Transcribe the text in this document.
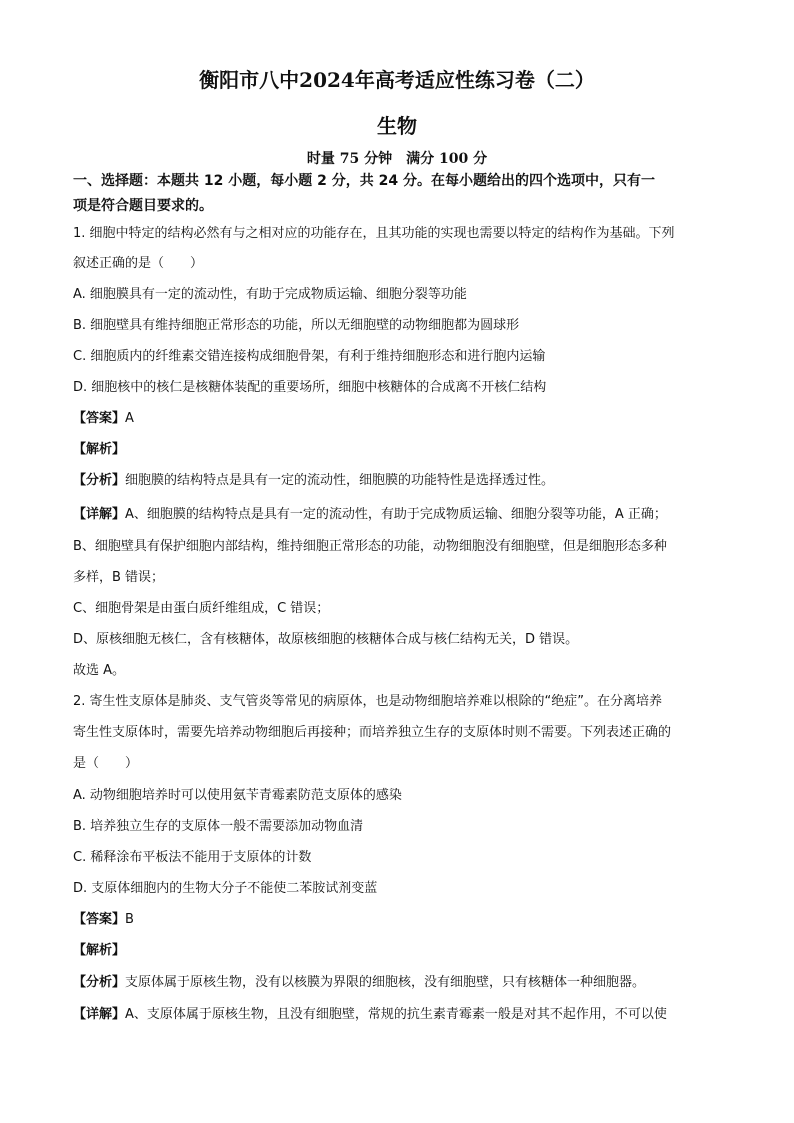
衡阳市八中2024年高考适应性练习卷（二）
生物
时量 75 分钟　满分 100 分
一、选择题：本题共 12 小题，每小题 2 分，共 24 分。在每小题给出的四个选项中，只有一
项是符合题目要求的。
1. 细胞中特定的结构必然有与之相对应的功能存在，且其功能的实现也需要以特定的结构作为基础。下列
叙述正确的是（　　）
A. 细胞膜具有一定的流动性，有助于完成物质运输、细胞分裂等功能
B. 细胞壁具有维持细胞正常形态的功能，所以无细胞壁的动物细胞都为圆球形
C. 细胞质内的纤维素交错连接构成细胞骨架，有利于维持细胞形态和进行胞内运输
D. 细胞核中的核仁是核糖体装配的重要场所，细胞中核糖体的合成离不开核仁结构
【答案】A
【解析】
【分析】细胞膜的结构特点是具有一定的流动性，细胞膜的功能特性是选择透过性。
【详解】A、细胞膜的结构特点是具有一定的流动性，有助于完成物质运输、细胞分裂等功能，A 正确；
B、细胞壁具有保护细胞内部结构，维持细胞正常形态的功能，动物细胞没有细胞壁，但是细胞形态多种
多样，B 错误；
C、细胞骨架是由蛋白质纤维组成，C 错误；
D、原核细胞无核仁，含有核糖体，故原核细胞的核糖体合成与核仁结构无关，D 错误。
故选 A。
2. 寄生性支原体是肺炎、支气管炎等常见的病原体，也是动物细胞培养难以根除的“绝症”。在分离培养
寄生性支原体时，需要先培养动物细胞后再接种；而培养独立生存的支原体时则不需要。下列表述正确的
是（　　）
A. 动物细胞培养时可以使用氨苄青霉素防范支原体的感染
B. 培养独立生存的支原体一般不需要添加动物血清
C. 稀释涂布平板法不能用于支原体的计数
D. 支原体细胞内的生物大分子不能使二苯胺试剂变蓝
【答案】B
【解析】
【分析】支原体属于原核生物，没有以核膜为界限的细胞核，没有细胞壁，只有核糖体一种细胞器。
【详解】A、支原体属于原核生物，且没有细胞壁，常规的抗生素青霉素一般是对其不起作用，不可以使
